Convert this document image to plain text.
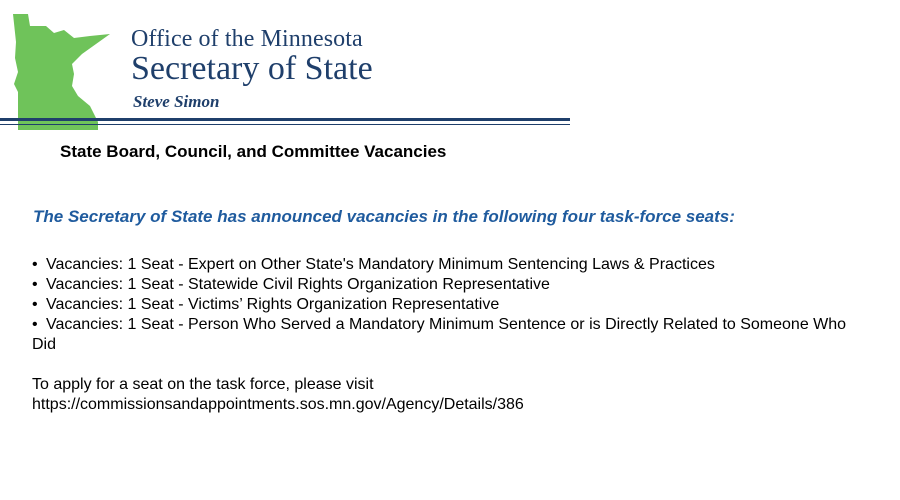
Office of the Minnesota
Secretary of State
Steve Simon
State Board, Council, and Committee Vacancies
The Secretary of State has announced vacancies in the following four task-force seats:
• Vacancies: 1 Seat - Expert on Other State's Mandatory Minimum Sentencing Laws & Practices
• Vacancies: 1 Seat - Statewide Civil Rights Organization Representative
• Vacancies: 1 Seat - Victims’ Rights Organization Representative
• Vacancies: 1 Seat - Person Who Served a Mandatory Minimum Sentence or is Directly Related to Someone Who Did
To apply for a seat on the task force, please visit
https://commissionsandappointments.sos.mn.gov/Agency/Details/386
